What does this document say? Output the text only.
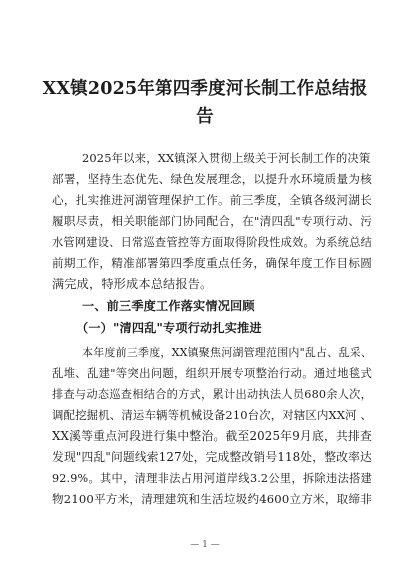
XX镇2025年第四季度河长制工作总结报
告
2025年以来，XX镇深入贯彻上级关于河长制工作的决策
部署，坚持生态优先、绿色发展理念，以提升水环境质量为核
心，扎实推进河湖管理保护工作。前三季度，全镇各级河湖长
履职尽责，相关职能部门协同配合，在"清四乱"专项行动、污
水管网建设、日常巡查管控等方面取得阶段性成效。为系统总结
前期工作，精准部署第四季度重点任务，确保年度工作目标圆
满完成，特形成本总结报告。
一、前三季度工作落实情况回顾
（一）"清四乱"专项行动扎实推进
本年度前三季度，XX镇聚焦河湖管理范围内"乱占、乱采、
乱堆、乱建"等突出问题，组织开展专项整治行动。通过地毯式
排查与动态巡查相结合的方式，累计出动执法人员680余人次，
调配挖掘机、清运车辆等机械设备210台次，对辖区内XX河 、
XX溪等重点河段进行集中整治。截至2025年9月底，共排查
发现"四乱"问题线索127处，完成整改销号118处，整改率达
92.9%。其中，清理非法占用河道岸线3.2公里，拆除违法搭建
物2100平方米，清理建筑和生活垃圾约4600立方米，取缔非
— 1 —
